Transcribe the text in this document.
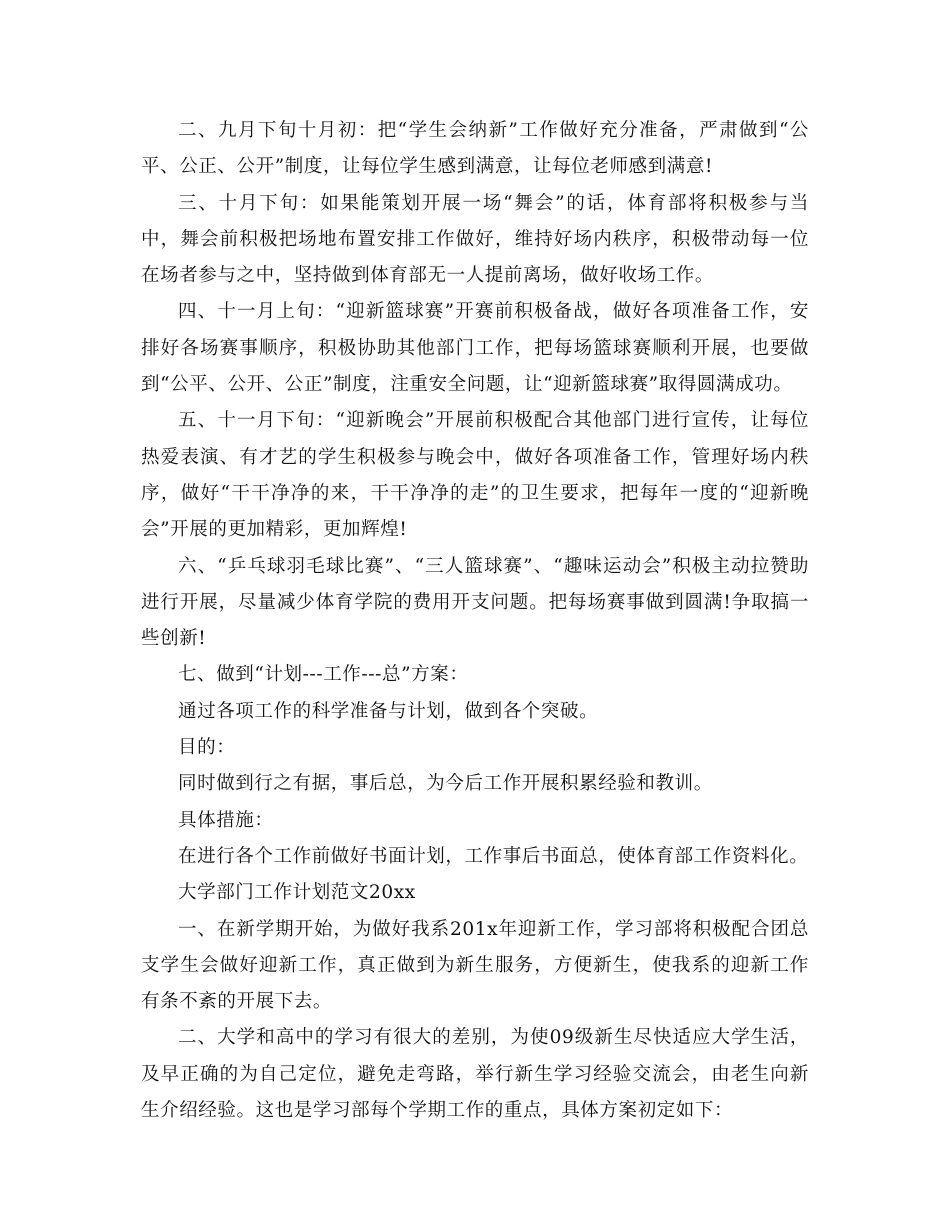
二、九月下旬十月初：把“学生会纳新”工作做好充分准备，严肃做到“公平、公正、公开”制度，让每位学生感到满意，让每位老师感到满意!

三、十月下旬：如果能策划开展一场“舞会”的话，体育部将积极参与当中，舞会前积极把场地布置安排工作做好，维持好场内秩序，积极带动每一位在场者参与之中，坚持做到体育部无一人提前离场，做好收场工作。

四、十一月上旬：“迎新篮球赛”开赛前积极备战，做好各项准备工作，安排好各场赛事顺序，积极协助其他部门工作，把每场篮球赛顺利开展，也要做到“公平、公开、公正”制度，注重安全问题，让“迎新篮球赛”取得圆满成功。

五、十一月下旬：“迎新晚会”开展前积极配合其他部门进行宣传，让每位热爱表演、有才艺的学生积极参与晚会中，做好各项准备工作，管理好场内秩序，做好“干干净净的来，干干净净的走”的卫生要求，把每年一度的“迎新晚会”开展的更加精彩，更加辉煌!

六、“乒乓球羽毛球比赛”、“三人篮球赛”、“趣味运动会”积极主动拉赞助进行开展，尽量减少体育学院的费用开支问题。把每场赛事做到圆满!争取搞一些创新!

七、做到“计划---工作---总”方案：

通过各项工作的科学准备与计划，做到各个突破。

目的：

同时做到行之有据，事后总，为今后工作开展积累经验和教训。

具体措施：

在进行各个工作前做好书面计划，工作事后书面总，使体育部工作资料化。

大学部门工作计划范文20xx

一、在新学期开始，为做好我系201x年迎新工作，学习部将积极配合团总支学生会做好迎新工作，真正做到为新生服务，方便新生，使我系的迎新工作有条不紊的开展下去。

二、大学和高中的学习有很大的差别，为使09级新生尽快适应大学生活，及早正确的为自己定位，避免走弯路，举行新生学习经验交流会，由老生向新生介绍经验。这也是学习部每个学期工作的重点，具体方案初定如下：
